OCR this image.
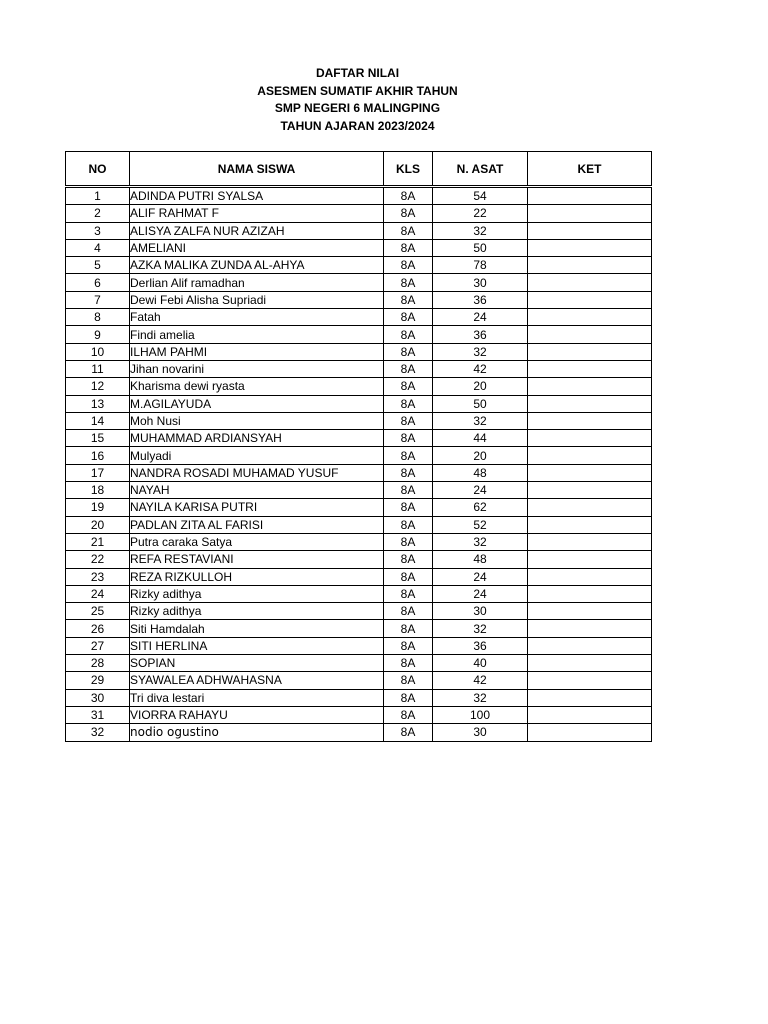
DAFTAR NILAI
ASESMEN SUMATIF AKHIR TAHUN
SMP NEGERI 6 MALINGPING
TAHUN AJARAN 2023/2024
NO	NAMA SISWA	KLS	N. ASAT	KET
1	ADINDA PUTRI SYALSA	8A	54	
2	ALIF RAHMAT F	8A	22	
3	ALISYA ZALFA NUR AZIZAH	8A	32	
4	AMELIANI	8A	50	
5	AZKA MALIKA ZUNDA AL-AHYA	8A	78	
6	Derlian Alif ramadhan	8A	30	
7	Dewi Febi Alisha Supriadi	8A	36	
8	Fatah	8A	24	
9	Findi amelia	8A	36	
10	ILHAM PAHMI	8A	32	
11	Jihan novarini	8A	42	
12	Kharisma dewi ryasta	8A	20	
13	M.AGILAYUDA	8A	50	
14	Moh Nusi	8A	32	
15	MUHAMMAD ARDIANSYAH	8A	44	
16	Mulyadi	8A	20	
17	NANDRA ROSADI MUHAMAD YUSUF	8A	48	
18	NAYAH	8A	24	
19	NAYILA KARISA PUTRI	8A	62	
20	PADLAN ZITA AL FARISI	8A	52	
21	Putra caraka Satya	8A	32	
22	REFA RESTAVIANI	8A	48	
23	REZA RIZKULLOH	8A	24	
24	Rizky adithya	8A	24	
25	Rizky adithya	8A	30	
26	Siti Hamdalah	8A	32	
27	SITI HERLINA	8A	36	
28	SOPIAN	8A	40	
29	SYAWALEA ADHWAHASNA	8A	42	
30	Tri diva lestari	8A	32	
31	VIORRA RAHAYU	8A	100	
32	nodio ogustino	8A	30	
